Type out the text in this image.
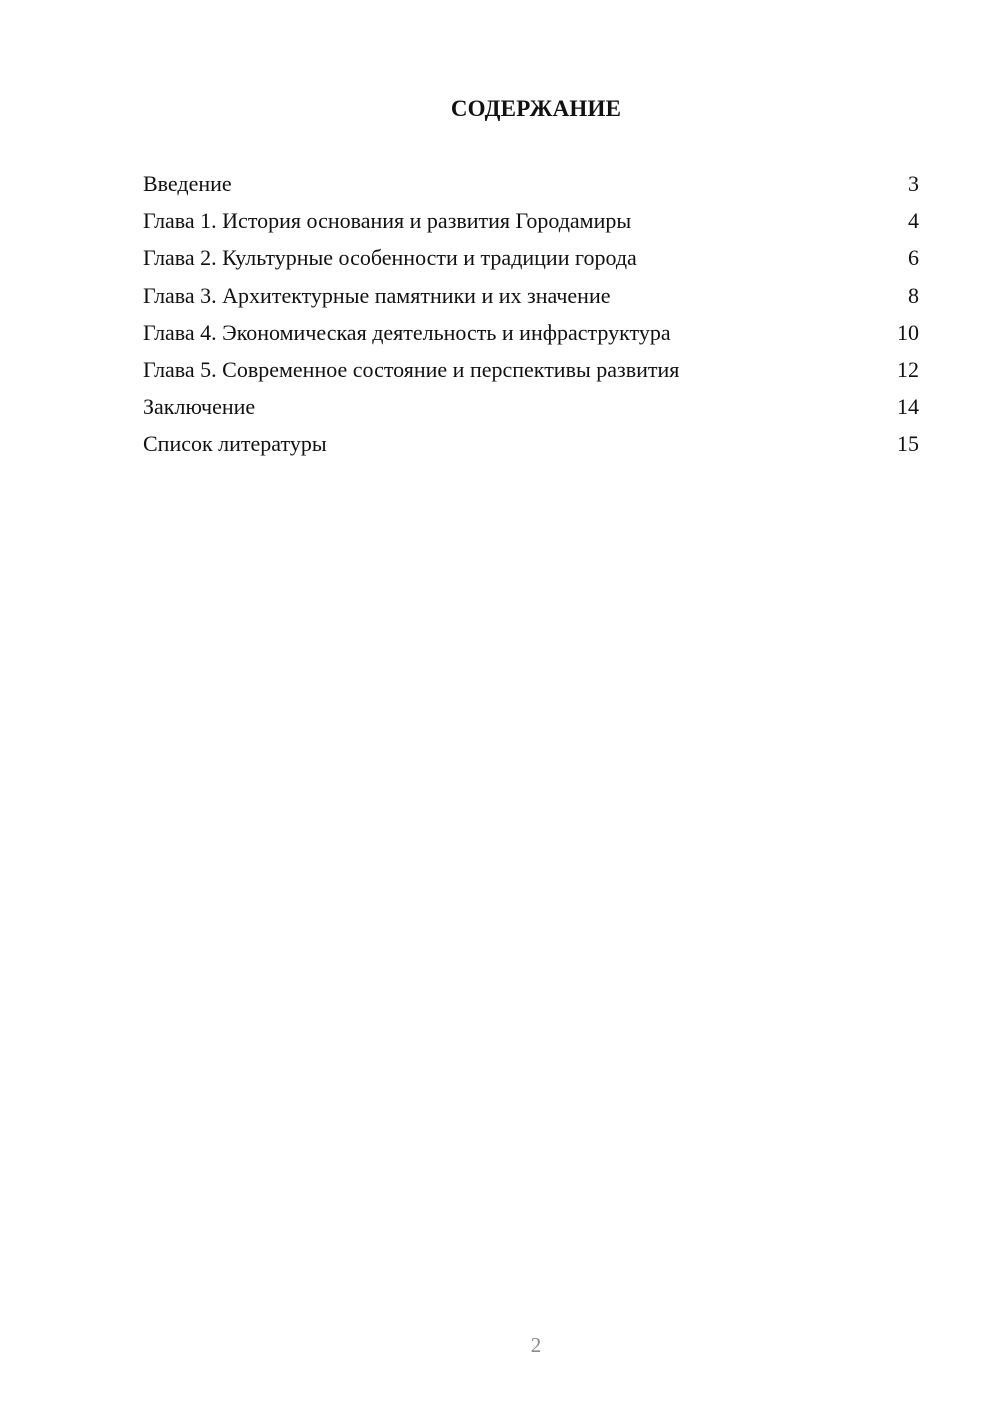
СОДЕРЖАНИЕ
Введение	3
Глава 1. История основания и развития Городамиры	4
Глава 2. Культурные особенности и традиции города	6
Глава 3. Архитектурные памятники и их значение	8
Глава 4. Экономическая деятельность и инфраструктура	10
Глава 5. Современное состояние и перспективы развития	12
Заключение	14
Список литературы	15
2
